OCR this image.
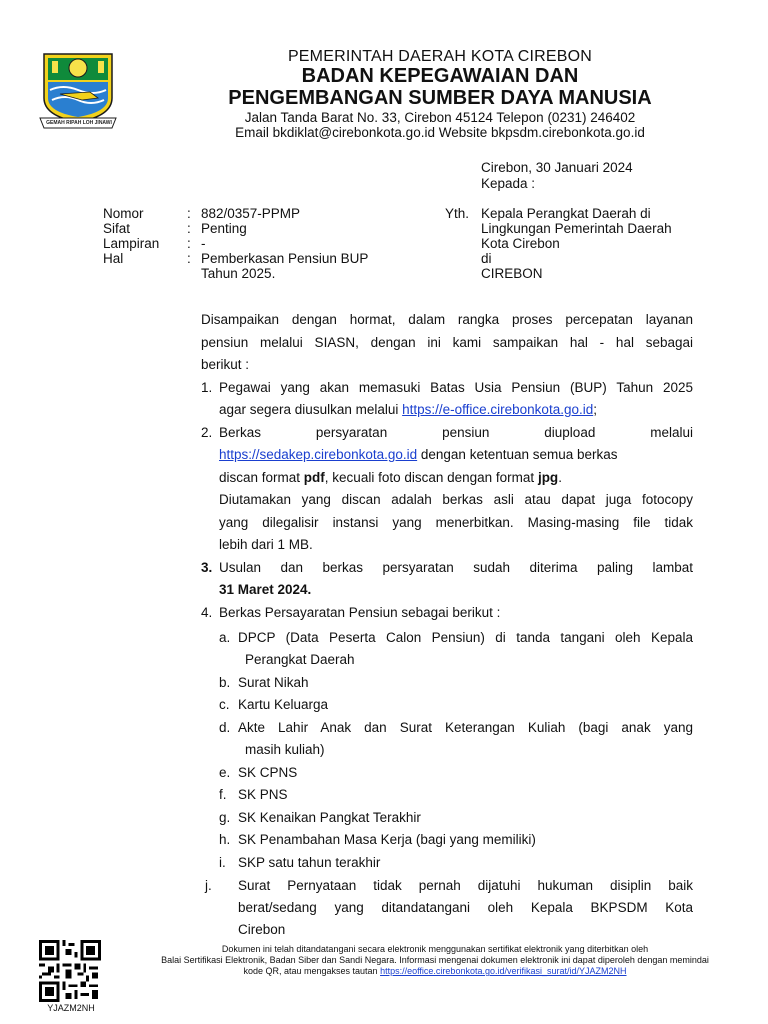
GEMAH RIPAH LOH JINAWI
PEMERINTAH DAERAH KOTA CIREBON
BADAN KEPEGAWAIAN DAN
PENGEMBANGAN SUMBER DAYA MANUSIA
Jalan Tanda Barat No. 33, Cirebon 45124 Telepon (0231) 246402
Email bkdiklat@cirebonkota.go.id Website bkpsdm.cirebonkota.go.id
Cirebon, 30 Januari 2024
Kepada :
Nomor	: 882/0357-PPMP
Sifat	: Penting
Lampiran : -
Hal	: Pemberkasan Pensiun BUP
Tahun 2025.
Yth. Kepala Perangkat Daerah di
Lingkungan Pemerintah Daerah
Kota Cirebon
di
CIREBON
Disampaikan dengan hormat, dalam rangka proses percepatan layanan
pensiun melalui SIASN, dengan ini kami sampaikan hal - hal sebagai
berikut :
1. Pegawai yang akan memasuki Batas Usia Pensiun (BUP) Tahun 2025
agar segera diusulkan melalui https://e-office.cirebonkota.go.id;
2. Berkas persyaratan pensiun diupload melalui
https://sedakep.cirebonkota.go.id dengan ketentuan semua berkas
discan format pdf, kecuali foto discan dengan format jpg.
Diutamakan yang discan adalah berkas asli atau dapat juga fotocopy
yang dilegalisir instansi yang menerbitkan. Masing-masing file tidak
lebih dari 1 MB.
3. Usulan dan berkas persyaratan sudah diterima paling lambat
31 Maret 2024.
4. Berkas Persayaratan Pensiun sebagai berikut :
a. DPCP (Data Peserta Calon Pensiun) di tanda tangani oleh Kepala
Perangkat Daerah
b. Surat Nikah
c. Kartu Keluarga
d. Akte Lahir Anak dan Surat Keterangan Kuliah (bagi anak yang
masih kuliah)
e. SK CPNS
f. SK PNS
g. SK Kenaikan Pangkat Terakhir
h. SK Penambahan Masa Kerja (bagi yang memiliki)
i. SKP satu tahun terakhir
j. Surat Pernyataan tidak pernah dijatuhi hukuman disiplin baik
berat/sedang yang ditandatangani oleh Kepala BKPSDM Kota
Cirebon
YJAZM2NH
Dokumen ini telah ditandatangani secara elektronik menggunakan sertifikat elektronik yang diterbitkan oleh
Balai Sertifikasi Elektronik, Badan Siber dan Sandi Negara. Informasi mengenai dokumen elektronik ini dapat diperoleh dengan memindai
kode QR, atau mengakses tautan https://eoffice.cirebonkota.go.id/verifikasi_surat/id/YJAZM2NH
